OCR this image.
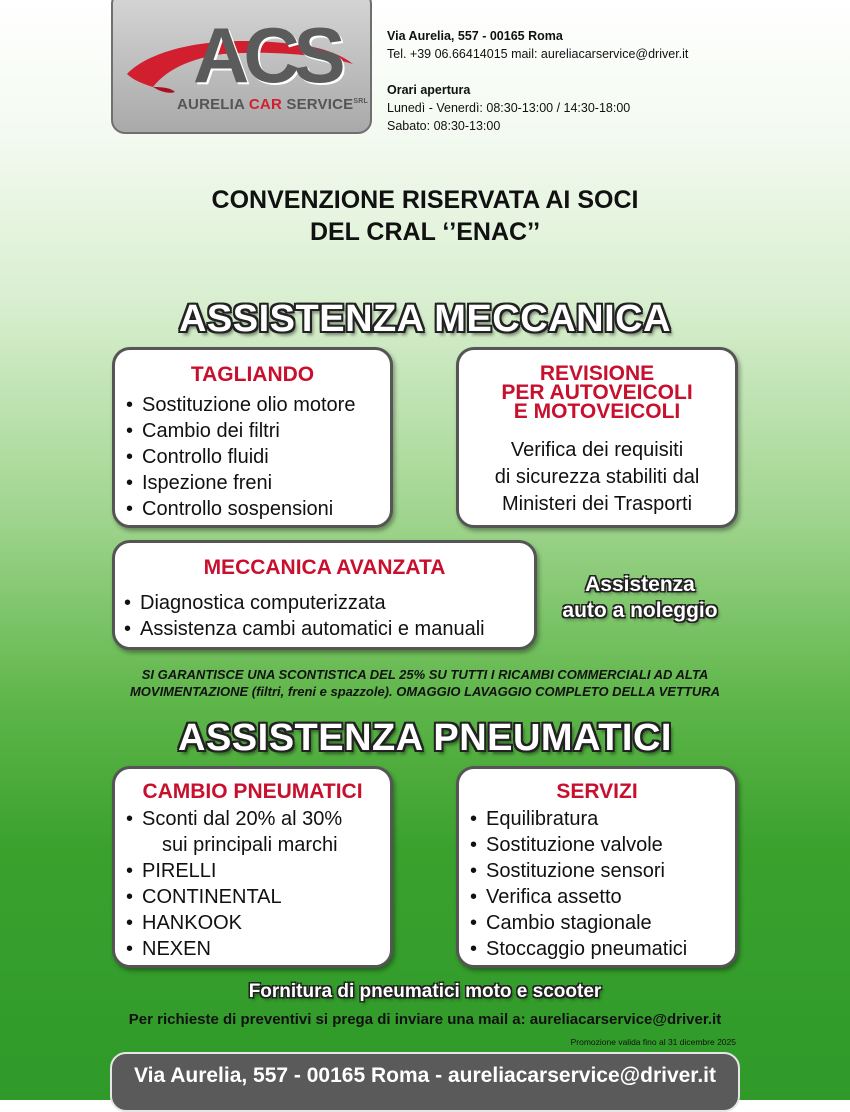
ACS
AURELIA CAR $SERVICE^{SRL}$
Via Aurelia, 557 - 00165 Roma
Tel. +39 06.66414015 mail: aureliacarservice@driver.it
Orari apertura
Lunedì - Venerdì: 08:30-13:00 / 14:30-18:00
Sabato: 08:30-13:00
CONVENZIONE RISERVATA AI SOCI
DEL CRAL ‘’ENAC’’
ASSISTENZA MECCANICA
TAGLIANDO
• Sostituzione olio motore
• Cambio dei filtri
• Controllo fluidi
• Ispezione freni
• Controllo sospensioni
REVISIONE
PER AUTOVEICOLI
E MOTOVEICOLI
Verifica dei requisiti
di sicurezza stabiliti dal
Ministeri dei Trasporti
MECCANICA AVANZATA
• Diagnostica computerizzata
• Assistenza cambi automatici e manuali
Assistenza
auto a noleggio
SI GARANTISCE UNA SCONTISTICA DEL 25% SU TUTTI I RICAMBI COMMERCIALI AD ALTA
MOVIMENTAZIONE (filtri, freni e spazzole). OMAGGIO LAVAGGIO COMPLETO DELLA VETTURA
ASSISTENZA PNEUMATICI
CAMBIO PNEUMATICI
• Sconti dal 20% al 30%
sui principali marchi
• PIRELLI
• CONTINENTAL
• HANKOOK
• NEXEN
SERVIZI
• Equilibratura
• Sostituzione valvole
• Sostituzione sensori
• Verifica assetto
• Cambio stagionale
• Stoccaggio pneumatici
Fornitura di pneumatici moto e scooter
Per richieste di preventivi si prega di inviare una mail a: aureliacarservice@driver.it
Promozione valida fino al 31 dicembre 2025
Via Aurelia, 557 - 00165 Roma - aureliacarservice@driver.it
